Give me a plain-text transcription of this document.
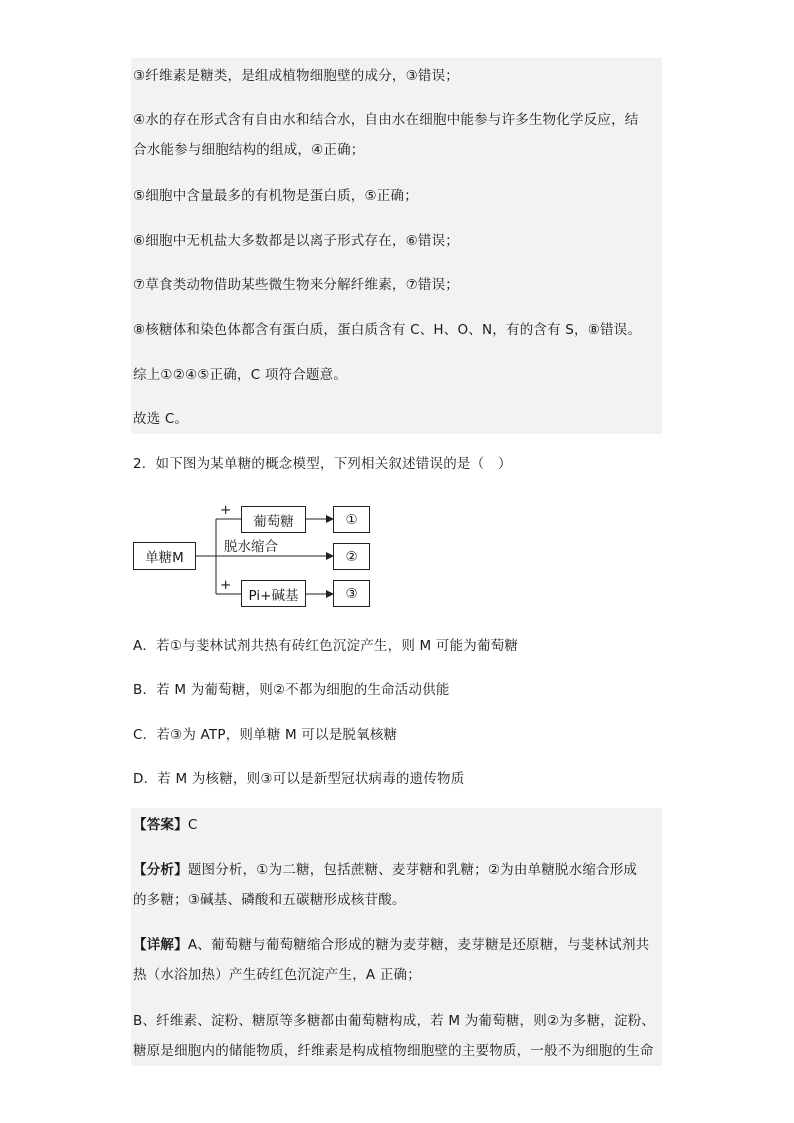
③纤维素是糖类，是组成植物细胞壁的成分，③错误；
④水的存在形式含有自由水和结合水，自由水在细胞中能参与许多生物化学反应，结
合水能参与细胞结构的组成，④正确；
⑤细胞中含量最多的有机物是蛋白质，⑤正确；
⑥细胞中无机盐大多数都是以离子形式存在，⑥错误；
⑦草食类动物借助某些微生物来分解纤维素，⑦错误；
⑧核糖体和染色体都含有蛋白质，蛋白质含有 C、H、O、N，有的含有 S，⑧错误。
综上①②④⑤正确，C 项符合题意。
故选 C。
2．如下图为某单糖的概念模型，下列相关叙述错误的是（　）
单糖M
葡萄糖
Pi+碱基
①
②
③
+
+
脱水缩合
A．若①与斐林试剂共热有砖红色沉淀产生，则 M 可能为葡萄糖
B．若 M 为葡萄糖，则②不都为细胞的生命活动供能
C．若③为 ATP，则单糖 M 可以是脱氧核糖
D．若 M 为核糖，则③可以是新型冠状病毒的遗传物质
【答案】C
【分析】题图分析，①为二糖，包括蔗糖、麦芽糖和乳糖；②为由单糖脱水缩合形成
的多糖；③碱基、磷酸和五碳糖形成核苷酸。
【详解】A、葡萄糖与葡萄糖缩合形成的糖为麦芽糖，麦芽糖是还原糖，与斐林试剂共
热（水浴加热）产生砖红色沉淀产生，A 正确；
B、纤维素、淀粉、糖原等多糖都由葡萄糖构成，若 M 为葡萄糖，则②为多糖，淀粉、
糖原是细胞内的储能物质，纤维素是构成植物细胞壁的主要物质，一般不为细胞的生命
